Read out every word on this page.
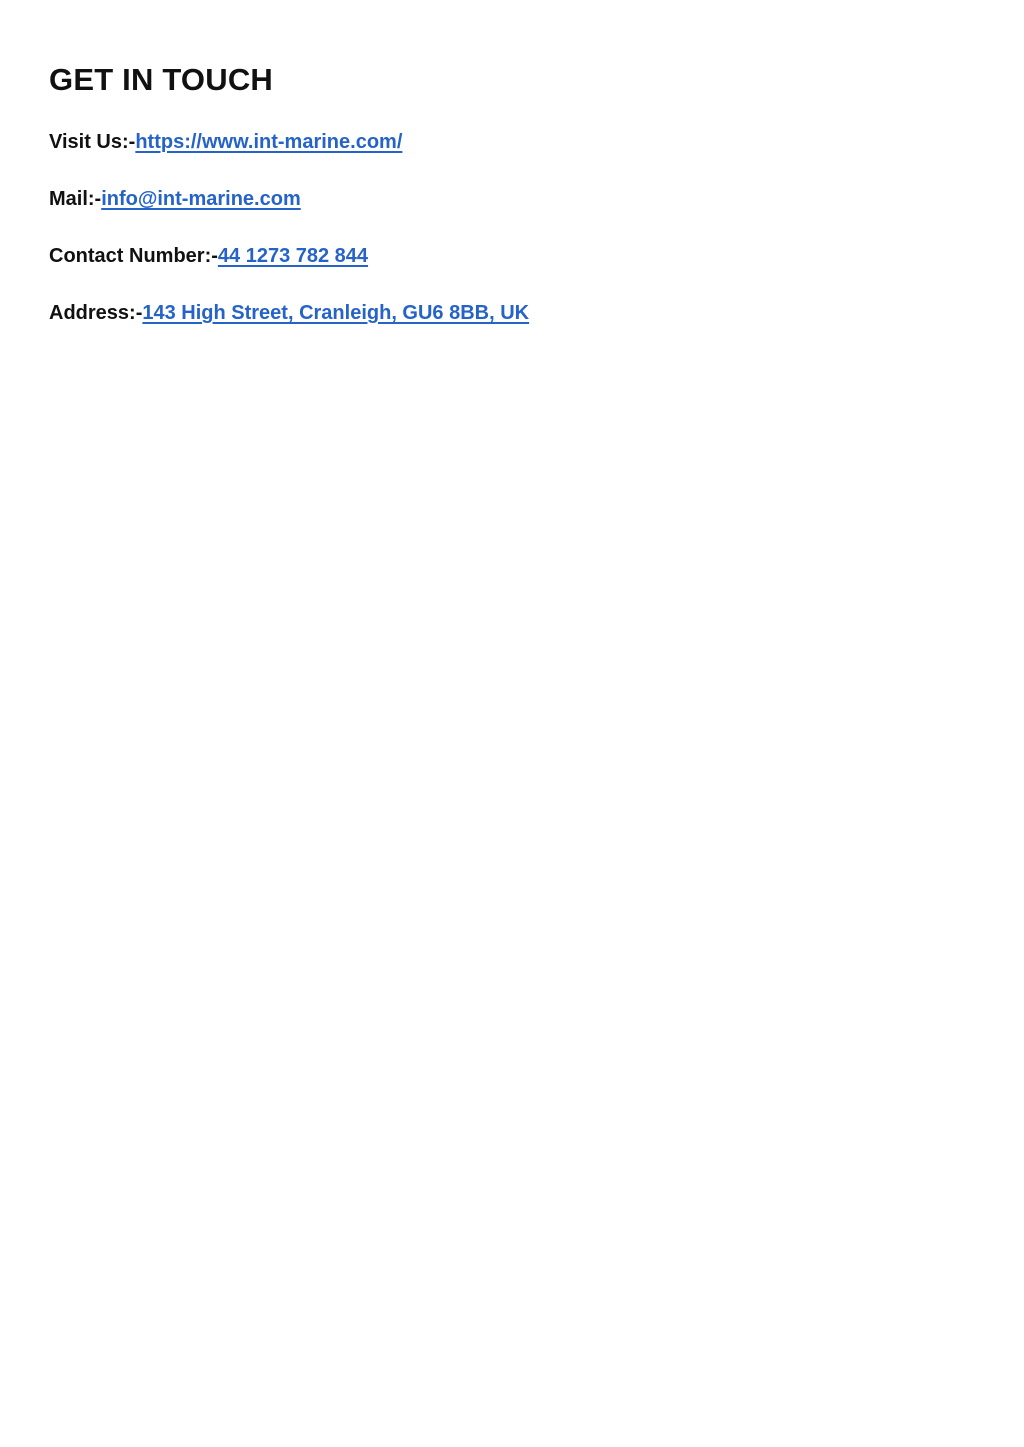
GET IN TOUCH
Visit Us:-https://www.int-marine.com/
Mail:-info@int-marine.com
Contact Number:-44 1273 782 844
Address:-143 High Street, Cranleigh, GU6 8BB, UK
